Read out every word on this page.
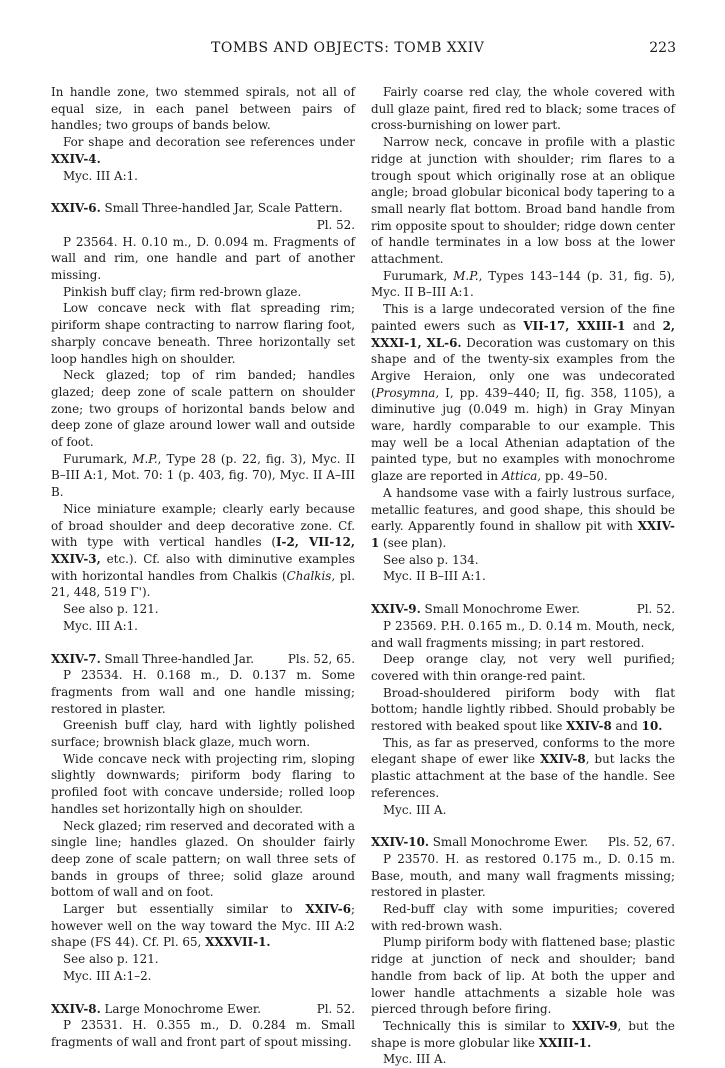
TOMBS AND OBJECTS: TOMB XXIV	223

In handle zone, two stemmed spirals, not all of equal size, in each panel between pairs of handles; two groups of bands below.

For shape and decoration see references under XXIV-4.

Myc. III A:1.

XXIV-6. Small Three-handled Jar, Scale Pattern.

Pl. 52.

P 23564. H. 0.10 m., D. 0.094 m. Fragments of wall and rim, one handle and part of another missing.

Pinkish buff clay; firm red-brown glaze.

Low concave neck with flat spreading rim; piriform shape contracting to narrow flaring foot, sharply concave beneath. Three horizontally set loop handles high on shoulder.

Neck glazed; top of rim banded; handles glazed; deep zone of scale pattern on shoulder zone; two groups of horizontal bands below and deep zone of glaze around lower wall and outside of foot.

Furumark, M.P., Type 28 (p. 22, fig. 3), Myc. II B–III A:1, Mot. 70: 1 (p. 403, fig. 70), Myc. II A–III B.

Nice miniature example; clearly early because of broad shoulder and deep decorative zone. Cf. with type with vertical handles (I-2, VII-12, XXIV-3, etc.). Cf. also with diminutive examples with horizontal handles from Chalkis (Chalkis, pl. 21, 448, 519 Γ').

See also p. 121.

Myc. III A:1.

XXIV-7. Small Three-handled Jar.	Pls. 52, 65.

P 23534. H. 0.168 m., D. 0.137 m. Some fragments from wall and one handle missing; restored in plaster.

Greenish buff clay, hard with lightly polished surface; brownish black glaze, much worn.

Wide concave neck with projecting rim, sloping slightly downwards; piriform body flaring to profiled foot with concave underside; rolled loop handles set horizontally high on shoulder.

Neck glazed; rim reserved and decorated with a single line; handles glazed. On shoulder fairly deep zone of scale pattern; on wall three sets of bands in groups of three; solid glaze around bottom of wall and on foot.

Larger but essentially similar to XXIV-6; however well on the way toward the Myc. III A:2 shape (FS 44). Cf. Pl. 65, XXXVII-1.

See also p. 121.

Myc. III A:1–2.

XXIV-8. Large Monochrome Ewer.	Pl. 52.

P 23531. H. 0.355 m., D. 0.284 m. Small fragments of wall and front part of spout missing.

Fairly coarse red clay, the whole covered with dull glaze paint, fired red to black; some traces of cross-burnishing on lower part.

Narrow neck, concave in profile with a plastic ridge at junction with shoulder; rim flares to a trough spout which originally rose at an oblique angle; broad globular biconical body tapering to a small nearly flat bottom. Broad band handle from rim opposite spout to shoulder; ridge down center of handle terminates in a low boss at the lower attachment.

Furumark, M.P., Types 143–144 (p. 31, fig. 5), Myc. II B–III A:1.

This is a large undecorated version of the fine painted ewers such as VII-17, XXIII-1 and 2, XXXI-1, XL-6. Decoration was customary on this shape and of the twenty-six examples from the Argive Heraion, only one was undecorated (Prosymna, I, pp. 439–440; II, fig. 358, 1105), a diminutive jug (0.049 m. high) in Gray Minyan ware, hardly comparable to our example. This may well be a local Athenian adaptation of the painted type, but no examples with monochrome glaze are reported in Attica, pp. 49–50.

A handsome vase with a fairly lustrous surface, metallic features, and good shape, this should be early. Apparently found in shallow pit with XXIV-1 (see plan).

See also p. 134.

Myc. II B–III A:1.

XXIV-9. Small Monochrome Ewer.	Pl. 52.

P 23569. P.H. 0.165 m., D. 0.14 m. Mouth, neck, and wall fragments missing; in part restored.

Deep orange clay, not very well purified; covered with thin orange-red paint.

Broad-shouldered piriform body with flat bottom; handle lightly ribbed. Should probably be restored with beaked spout like XXIV-8 and 10.

This, as far as preserved, conforms to the more elegant shape of ewer like XXIV-8, but lacks the plastic attachment at the base of the handle. See references.

Myc. III A.

XXIV-10. Small Monochrome Ewer. Pls. 52, 67.

P 23570. H. as restored 0.175 m., D. 0.15 m. Base, mouth, and many wall fragments missing; restored in plaster.

Red-buff clay with some impurities; covered with red-brown wash.

Plump piriform body with flattened base; plastic ridge at junction of neck and shoulder; band handle from back of lip. At both the upper and lower handle attachments a sizable hole was pierced through before firing.

Technically this is similar to XXIV-9, but the shape is more globular like XXIII-1.

Myc. III A.
